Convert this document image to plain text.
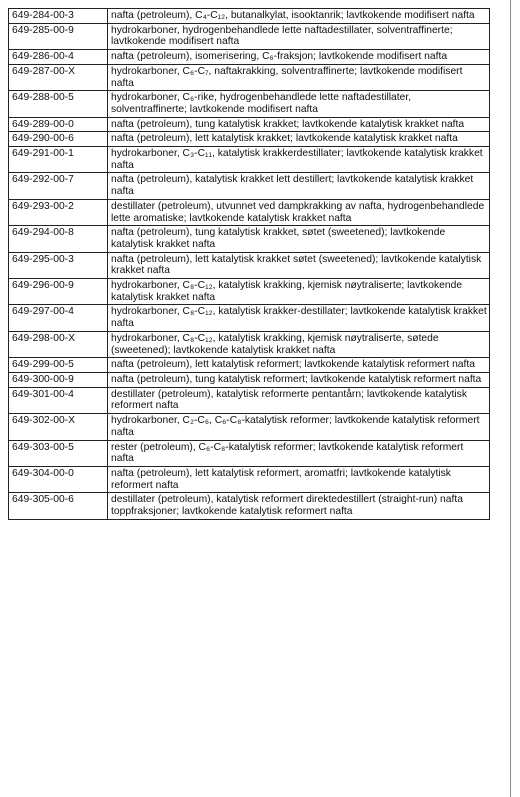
649-284-00-3	nafta (petroleum), C₄-C₁₂, butanalkylat, isooktanrik; lavtkokende modifisert nafta
649-285-00-9	hydrokarboner, hydrogenbehandlede lette naftadestillater, solventraffinerte; lavtkokende modifisert nafta
649-286-00-4	nafta (petroleum), isomerisering, C₆-fraksjon; lavtkokende modifisert nafta
649-287-00-X	hydrokarboner, C₆-C₇, naftakrakking, solventraffinerte; lavtkokende modifisert nafta
649-288-00-5	hydrokarboner, C₆-rike, hydrogenbehandlede lette naftadestillater, solventraffinerte; lavtkokende modifisert nafta
649-289-00-0	nafta (petroleum), tung katalytisk krakket; lavtkokende katalytisk krakket nafta
649-290-00-6	nafta (petroleum), lett katalytisk krakket; lavtkokende katalytisk krakket nafta
649-291-00-1	hydrokarboner, C₃-C₁₁, katalytisk krakkerdestillater; lavtkokende katalytisk krakket nafta
649-292-00-7	nafta (petroleum), katalytisk krakket lett destillert; lavtkokende katalytisk krakket nafta
649-293-00-2	destillater (petroleum), utvunnet ved dampkrakking av nafta, hydrogenbehandlede lette aromatiske; lavtkokende katalytisk krakket nafta
649-294-00-8	nafta (petroleum), tung katalytisk krakket, søtet (sweetened); lavtkokende katalytisk krakket nafta
649-295-00-3	nafta (petroleum), lett katalytisk krakket søtet (sweetened); lavtkokende katalytisk krakket nafta
649-296-00-9	hydrokarboner, C₈-C₁₂, katalytisk krakking, kjemisk nøytraliserte; lavtkokende katalytisk krakket nafta
649-297-00-4	hydrokarboner, C₈-C₁₂, katalytisk krakker-destillater; lavtkokende katalytisk krakket nafta
649-298-00-X	hydrokarboner, C₈-C₁₂, katalytisk krakking, kjemisk nøytraliserte, søtede (sweetened); lavtkokende katalytisk krakket nafta
649-299-00-5	nafta (petroleum), lett katalytisk reformert; lavtkokende katalytisk reformert nafta
649-300-00-9	nafta (petroleum), tung katalytisk reformert; lavtkokende katalytisk reformert nafta
649-301-00-4	destillater (petroleum), katalytisk reformerte pentantårn; lavtkokende katalytisk reformert nafta
649-302-00-X	hydrokarboner, C₂-C₆, C₆-C₈-katalytisk reformer; lavtkokende katalytisk reformert nafta
649-303-00-5	rester (petroleum), C₆-C₈-katalytisk reformer; lavtkokende katalytisk reformert nafta
649-304-00-0	nafta (petroleum), lett katalytisk reformert, aromatfri; lavtkokende katalytisk reformert nafta
649-305-00-6	destillater (petroleum), katalytisk reformert direktedestillert (straight-run) nafta toppfraksjoner; lavtkokende katalytisk reformert nafta
